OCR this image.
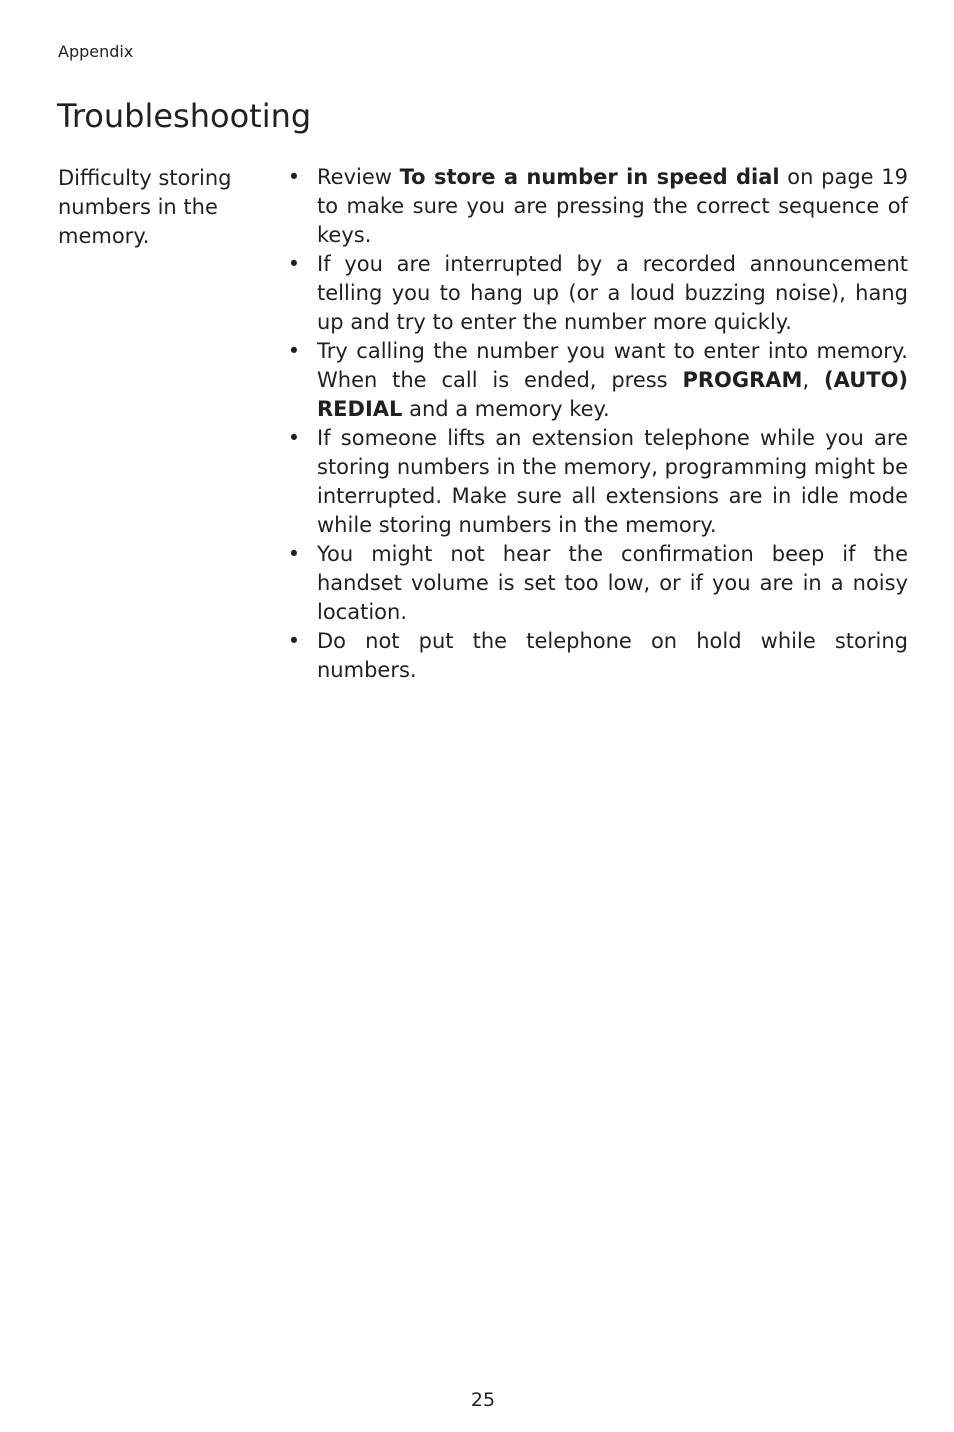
Appendix

Troubleshooting

Difficulty storing numbers in the memory.

• Review To store a number in speed dial on page 19 to make sure you are pressing the correct sequence of keys.
• If you are interrupted by a recorded announcement telling you to hang up (or a loud buzzing noise), hang up and try to enter the number more quickly.
• Try calling the number you want to enter into memory. When the call is ended, press PROGRAM, (AUTO) REDIAL and a memory key.
• If someone lifts an extension telephone while you are storing numbers in the memory, programming might be interrupted. Make sure all extensions are in idle mode while storing numbers in the memory.
• You might not hear the confirmation beep if the handset volume is set too low, or if you are in a noisy location.
• Do not put the telephone on hold while storing numbers.

25
